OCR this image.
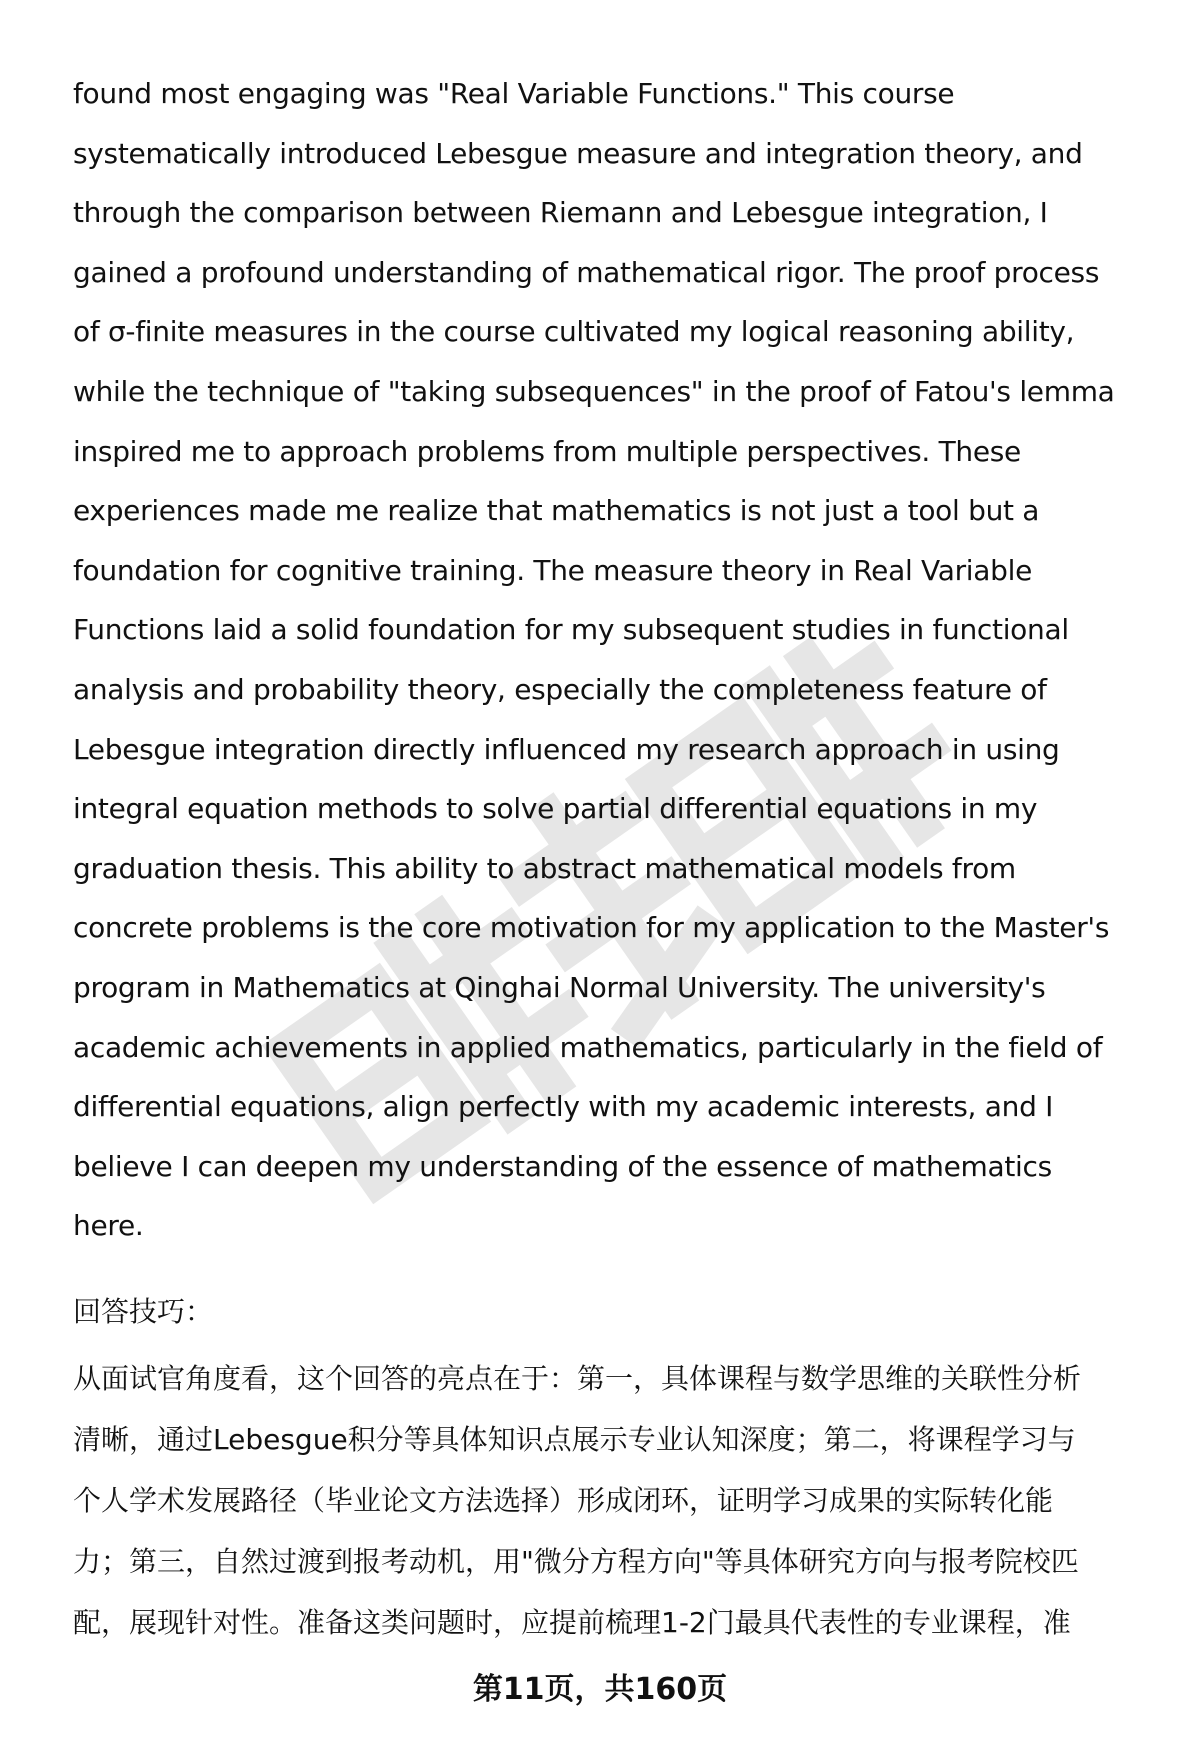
found most engaging was "Real Variable Functions." This course
systematically introduced Lebesgue measure and integration theory, and
through the comparison between Riemann and Lebesgue integration, I
gained a profound understanding of mathematical rigor. The proof process
of σ-finite measures in the course cultivated my logical reasoning ability,
while the technique of "taking subsequences" in the proof of Fatou's lemma
inspired me to approach problems from multiple perspectives. These
experiences made me realize that mathematics is not just a tool but a
foundation for cognitive training. The measure theory in Real Variable
Functions laid a solid foundation for my subsequent studies in functional
analysis and probability theory, especially the completeness feature of
Lebesgue integration directly influenced my research approach in using
integral equation methods to solve partial differential equations in my
graduation thesis. This ability to abstract mathematical models from
concrete problems is the core motivation for my application to the Master's
program in Mathematics at Qinghai Normal University. The university's
academic achievements in applied mathematics, particularly in the field of
differential equations, align perfectly with my academic interests, and I
believe I can deepen my understanding of the essence of mathematics
here.

回答技巧：

从面试官角度看，这个回答的亮点在于：第一，具体课程与数学思维的关联性分析
清晰，通过Lebesgue积分等具体知识点展示专业认知深度；第二，将课程学习与
个人学术发展路径（毕业论文方法选择）形成闭环，证明学习成果的实际转化能
力；第三，自然过渡到报考动机，用"微分方程方向"等具体研究方向与报考院校匹
配，展现针对性。准备这类问题时，应提前梳理1-2门最具代表性的专业课程，准

第11页，共160页
